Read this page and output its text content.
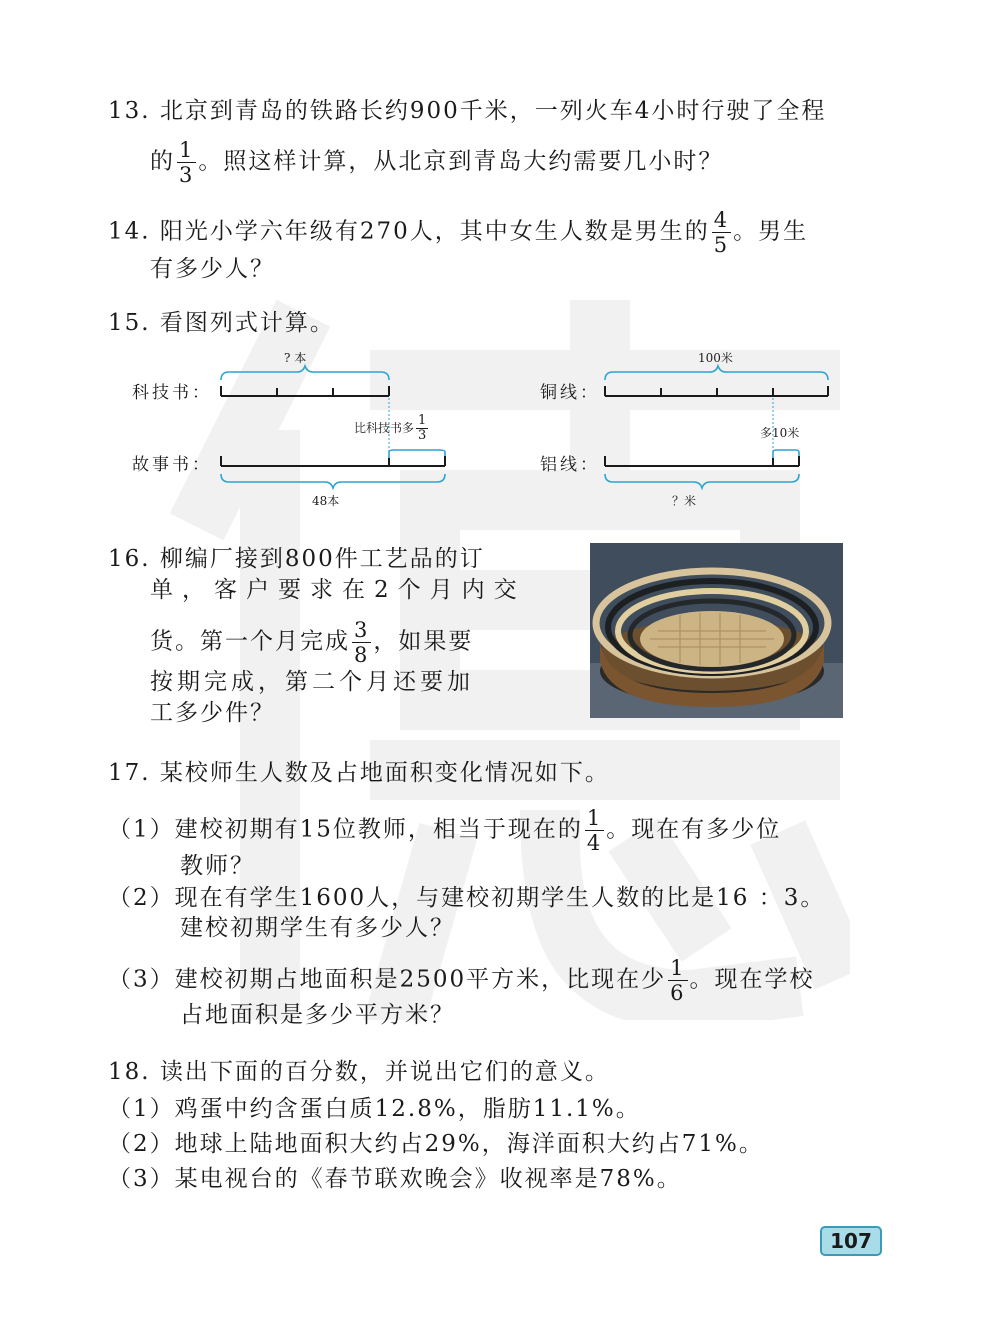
13. 北京到青岛的铁路长约900千米，一列火车4小时行驶了全程
的 $\frac{1}{3}$ 。照这样计算，从北京到青岛大约需要几小时？
14. 阳光小学六年级有270人，其中女生人数是男生的 $\frac{4}{5}$ 。男生
有多少人？
15. 看图列式计算。
科技书：
故事书：
? 本
比科技书多 $\frac{1}{3}$
48本
铜线：
铝线：
100米
多10米
？米
16. 柳编厂接到800件工艺品的订
单，客户要求在2个月内交
货。第一个月完成 $\frac{3}{8}$ ，如果要
按期完成，第二个月还要加
工多少件？
17. 某校师生人数及占地面积变化情况如下。
（1）建校初期有15位教师，相当于现在的 $\frac{1}{4}$ 。现在有多少位
教师？
（2）现在有学生1600人，与建校初期学生人数的比是16 ：3。
建校初期学生有多少人？
（3）建校初期占地面积是2500平方米，比现在少 $\frac{1}{6}$ 。现在学校
占地面积是多少平方米？
18. 读出下面的百分数，并说出它们的意义。
（1）鸡蛋中约含蛋白质12.8%，脂肪11.1%。
（2）地球上陆地面积大约占29%，海洋面积大约占71%。
（3）某电视台的《春节联欢晚会》收视率是78%。
107
